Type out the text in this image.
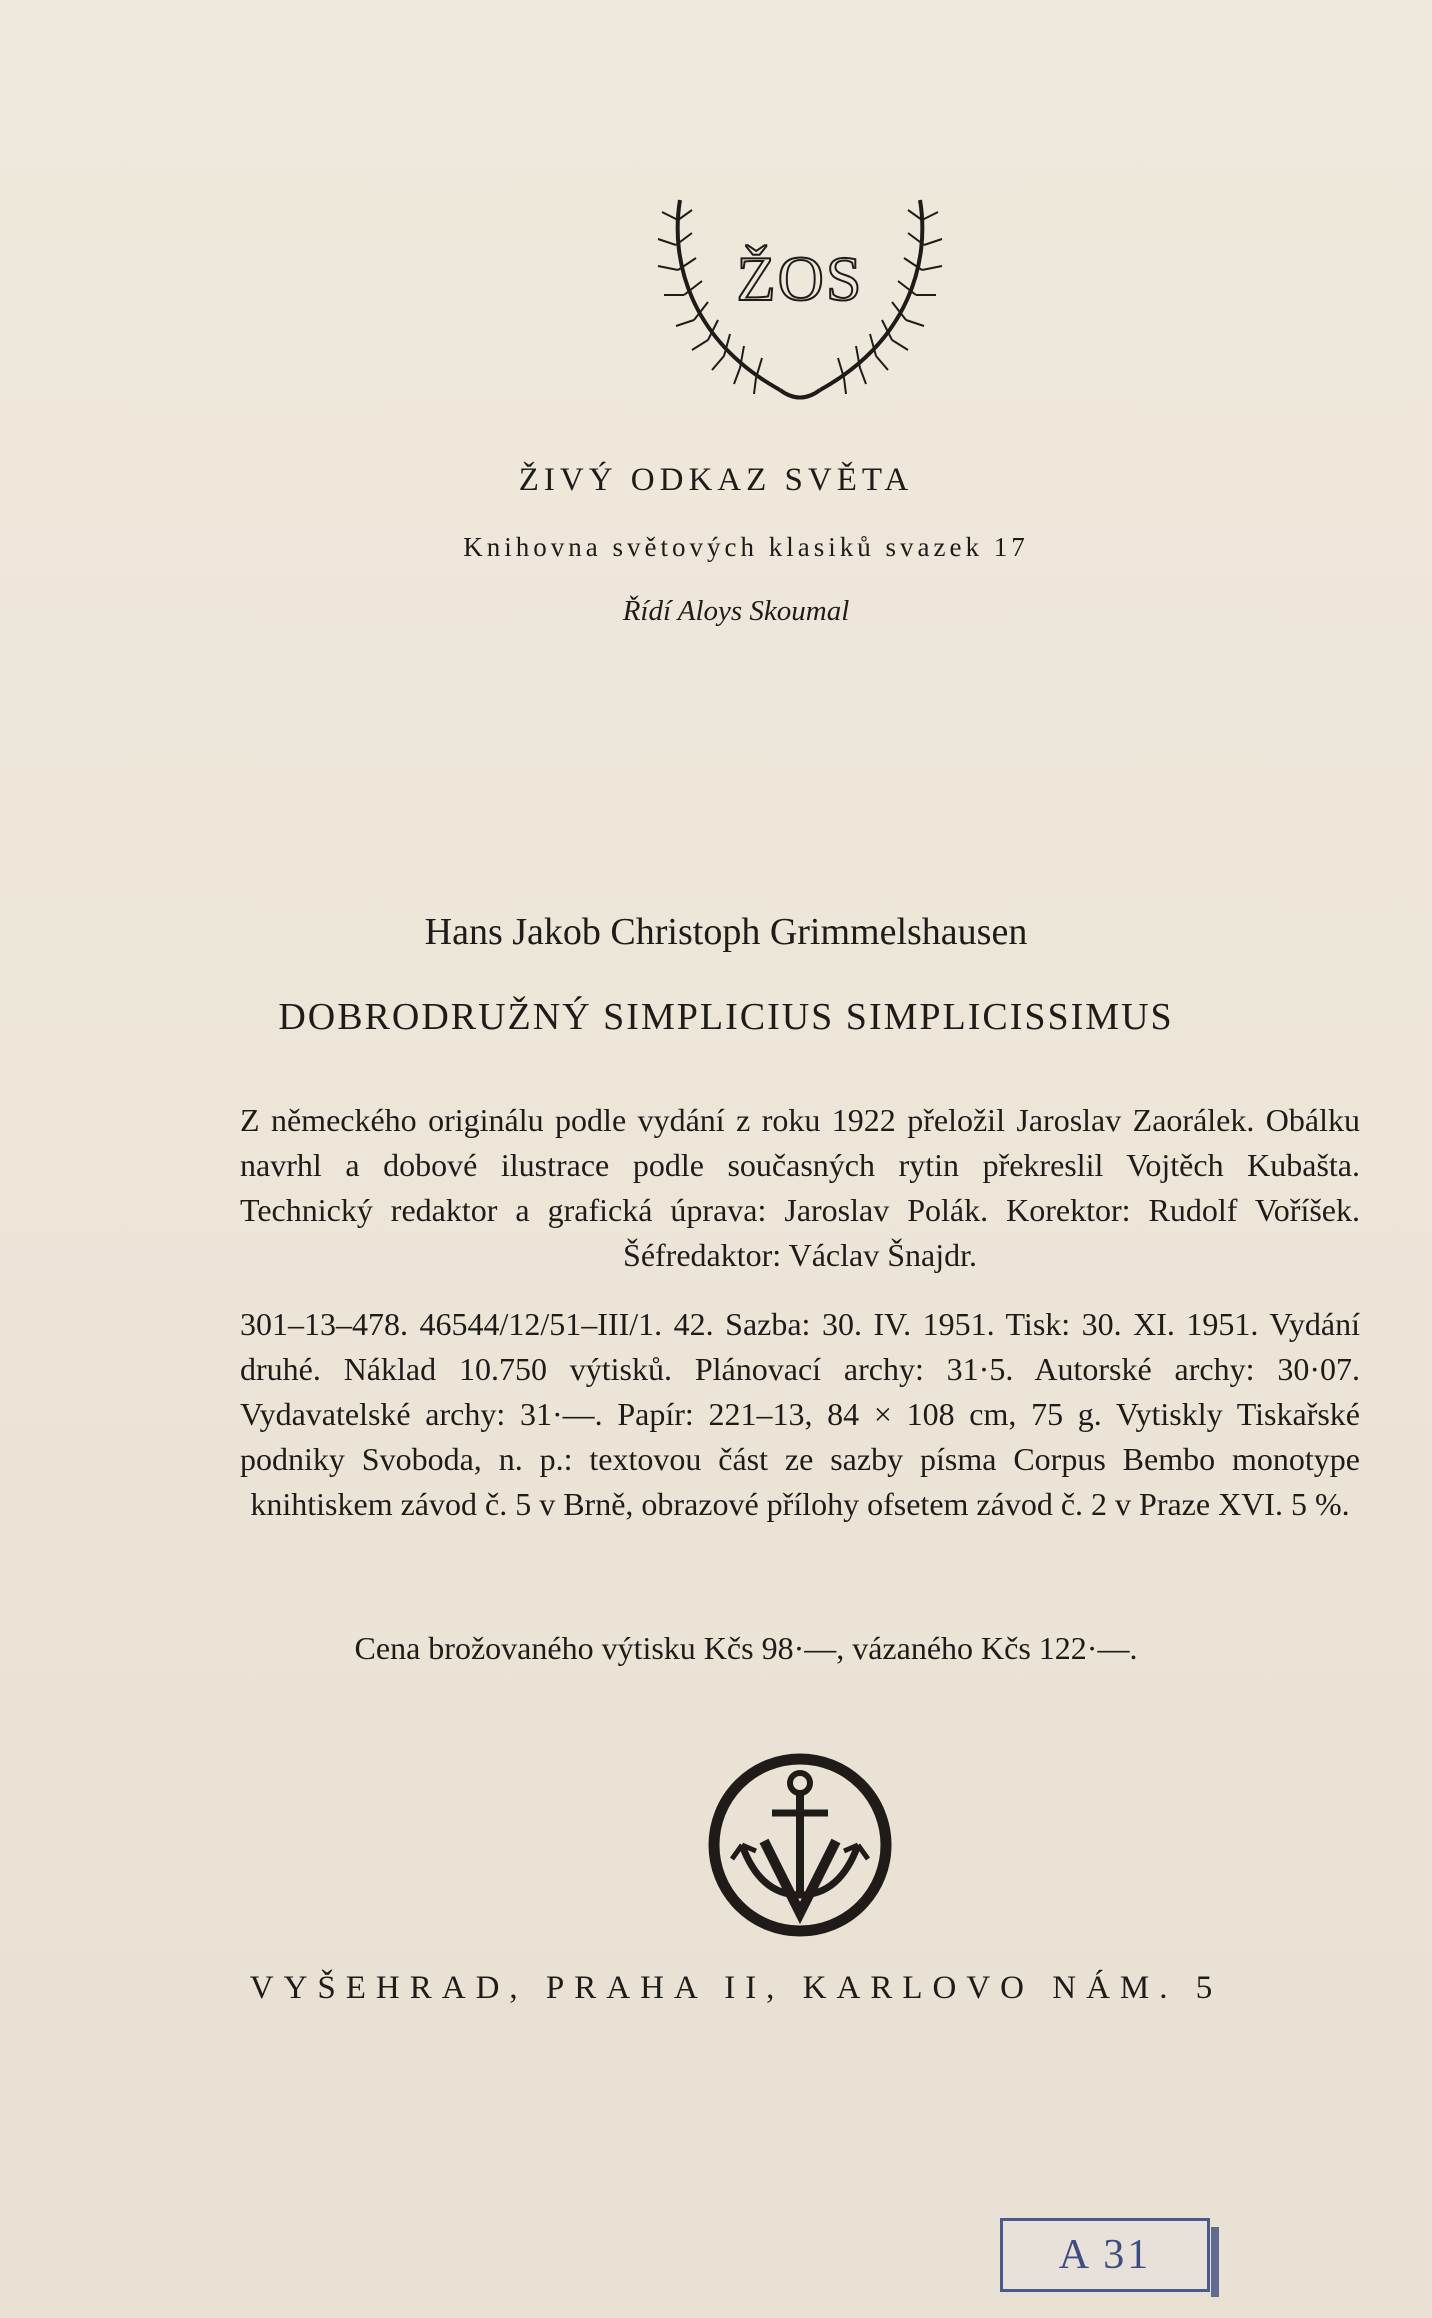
ŽOS
ŽIVÝ ODKAZ SVĚTA
Knihovna světových klasiků svazek 17
Řídí Aloys Skoumal
Hans Jakob Christoph Grimmelshausen
DOBRODRUŽNÝ SIMPLICIUS SIMPLICISSIMUS
Z německého originálu podle vydání z roku 1922 přeložil Jaroslav Zaorálek. Obálku navrhl a dobové ilustrace podle současných rytin překreslil Vojtěch Kubašta. Technický redaktor a grafická úprava: Jaroslav Polák. Korektor: Rudolf Voříšek. Šéfredaktor: Václav Šnajdr.
301–13–478. 46544/12/51–III/1. 42. Sazba: 30. IV. 1951. Tisk: 30. XI. 1951. Vydání druhé. Náklad 10.750 výtisků. Plánovací archy: 31·5. Autorské archy: 30·07. Vydavatelské archy: 31·—. Papír: 221–13, 84 × 108 cm, 75 g. Vytiskly Tiskařské podniky Svoboda, n. p.: textovou část ze sazby písma Corpus Bembo monotype knihtiskem závod č. 5 v Brně, obrazové přílohy ofsetem závod č. 2 v Praze XVI. 5 %.
Cena brožovaného výtisku Kčs 98·—, vázaného Kčs 122·—.
VYŠEHRAD, PRAHA II, KARLOVO NÁM. 5
A 31
